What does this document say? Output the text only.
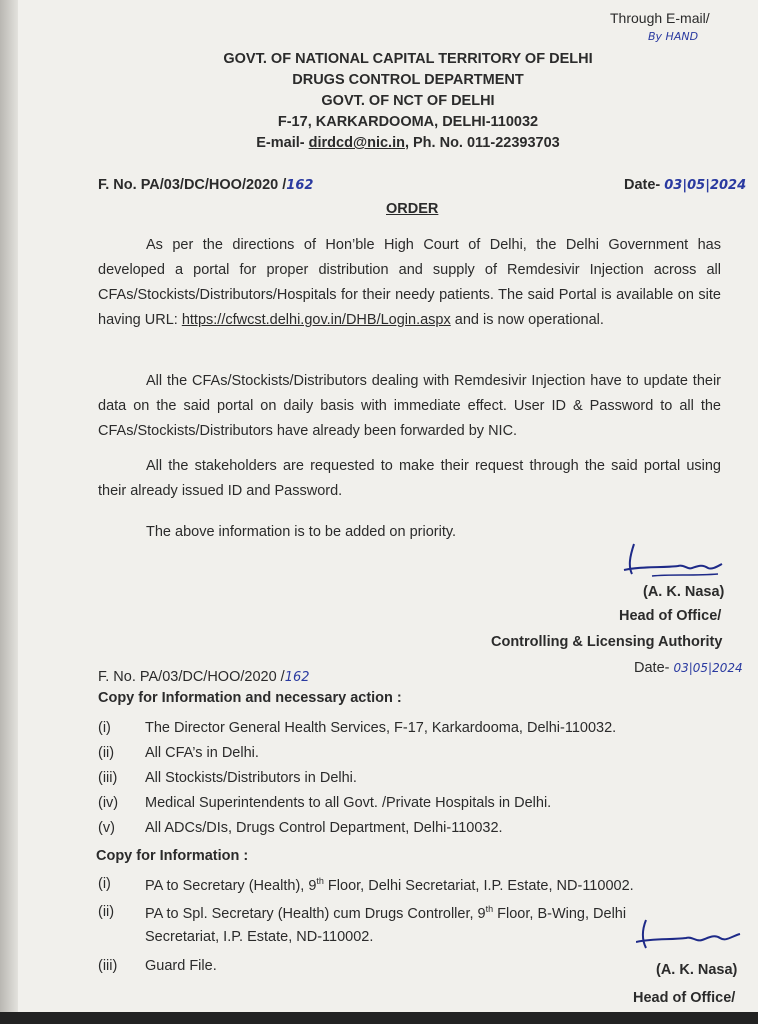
Through E-mail/
By HAND
GOVT. OF NATIONAL CAPITAL TERRITORY OF DELHI
DRUGS CONTROL DEPARTMENT
GOVT. OF NCT OF DELHI
F-17, KARKARDOOMA, DELHI-110032
E-mail- dirdcd@nic.in, Ph. No. 011-22393703
F. No. PA/03/DC/HOO/2020 /162	Date- 03|05|2024
ORDER
As per the directions of Hon’ble High Court of Delhi, the Delhi Government has developed a portal for proper distribution and supply of Remdesivir Injection across all CFAs/Stockists/Distributors/Hospitals for their needy patients. The said Portal is available on site having URL: https://cfwcst.delhi.gov.in/DHB/Login.aspx and is now operational.
All the CFAs/Stockists/Distributors dealing with Remdesivir Injection have to update their data on the said portal on daily basis with immediate effect. User ID & Password to all the CFAs/Stockists/Distributors have already been forwarded by NIC.
All the stakeholders are requested to make their request through the said portal using their already issued ID and Password.
The above information is to be added on priority.
(A. K. Nasa)
Head of Office/
Controlling & Licensing Authority
F. No. PA/03/DC/HOO/2020 /162
Date- 03|05|2024
Copy for Information and necessary action :
(i) The Director General Health Services, F-17, Karkardooma, Delhi-110032.
(ii) All CFA’s in Delhi.
(iii) All Stockists/Distributors in Delhi.
(iv) Medical Superintendents to all Govt. /Private Hospitals in Delhi.
(v) All ADCs/DIs, Drugs Control Department, Delhi-110032.
Copy for Information :
(i) PA to Secretary (Health), 9th Floor, Delhi Secretariat, I.P. Estate, ND-110002.
(ii) PA to Spl. Secretary (Health) cum Drugs Controller, 9th Floor, B-Wing, Delhi
Secretariat, I.P. Estate, ND-110002.
(iii) Guard File.	(A. K. Nasa)
Head of Office/
